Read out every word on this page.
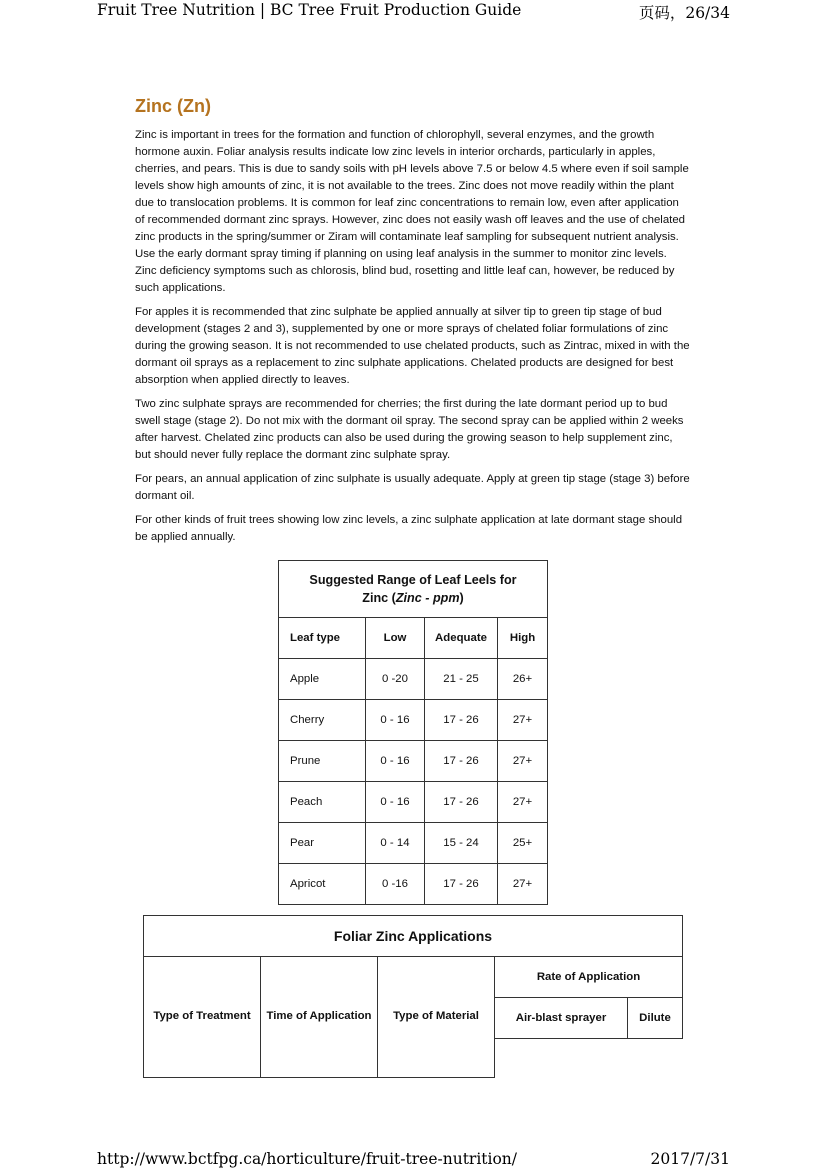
Fruit Tree Nutrition | BC Tree Fruit Production Guide	页码，26/34
Zinc (Zn)

Zinc is important in trees for the formation and function of chlorophyll, several enzymes, and the growth hormone auxin. Foliar analysis results indicate low zinc levels in interior orchards, particularly in apples, cherries, and pears. This is due to sandy soils with pH levels above 7.5 or below 4.5 where even if soil sample levels show high amounts of zinc, it is not available to the trees. Zinc does not move readily within the plant due to translocation problems. It is common for leaf zinc concentrations to remain low, even after application of recommended dormant zinc sprays. However, zinc does not easily wash off leaves and the use of chelated zinc products in the spring/summer or Ziram will contaminate leaf sampling for subsequent nutrient analysis. Use the early dormant spray timing if planning on using leaf analysis in the summer to monitor zinc levels. Zinc deficiency symptoms such as chlorosis, blind bud, rosetting and little leaf can, however, be reduced by such applications.

For apples it is recommended that zinc sulphate be applied annually at silver tip to green tip stage of bud development (stages 2 and 3), supplemented by one or more sprays of chelated foliar formulations of zinc during the growing season. It is not recommended to use chelated products, such as Zintrac, mixed in with the dormant oil sprays as a replacement to zinc sulphate applications. Chelated products are designed for best absorption when applied directly to leaves.

Two zinc sulphate sprays are recommended for cherries; the first during the late dormant period up to bud swell stage (stage 2). Do not mix with the dormant oil spray. The second spray can be applied within 2 weeks after harvest. Chelated zinc products can also be used during the growing season to help supplement zinc, but should never fully replace the dormant zinc sulphate spray.

For pears, an annual application of zinc sulphate is usually adequate. Apply at green tip stage (stage 3) before dormant oil.

For other kinds of fruit trees showing low zinc levels, a zinc sulphate application at late dormant stage should be applied annually.

Suggested Range of Leaf Leels for
Zinc (Zinc - ppm)			
Leaf type	Low	Adequate	High
Apple	0 -20	21 - 25	26+
Cherry	0 - 16	17 - 26	27+
Prune	0 - 16	17 - 26	27+
Peach	0 - 16	17 - 26	27+
Pear	0 - 14	15 - 24	25+
Apricot	0 -16	17 - 26	27+
Foliar Zinc Applications				
Type of Treatment	Time of Application	Type of Material	Rate of Application	
			Air-blast sprayer	Dilute

http://www.bctfpg.ca/horticulture/fruit-tree-nutrition/	2017/7/31
